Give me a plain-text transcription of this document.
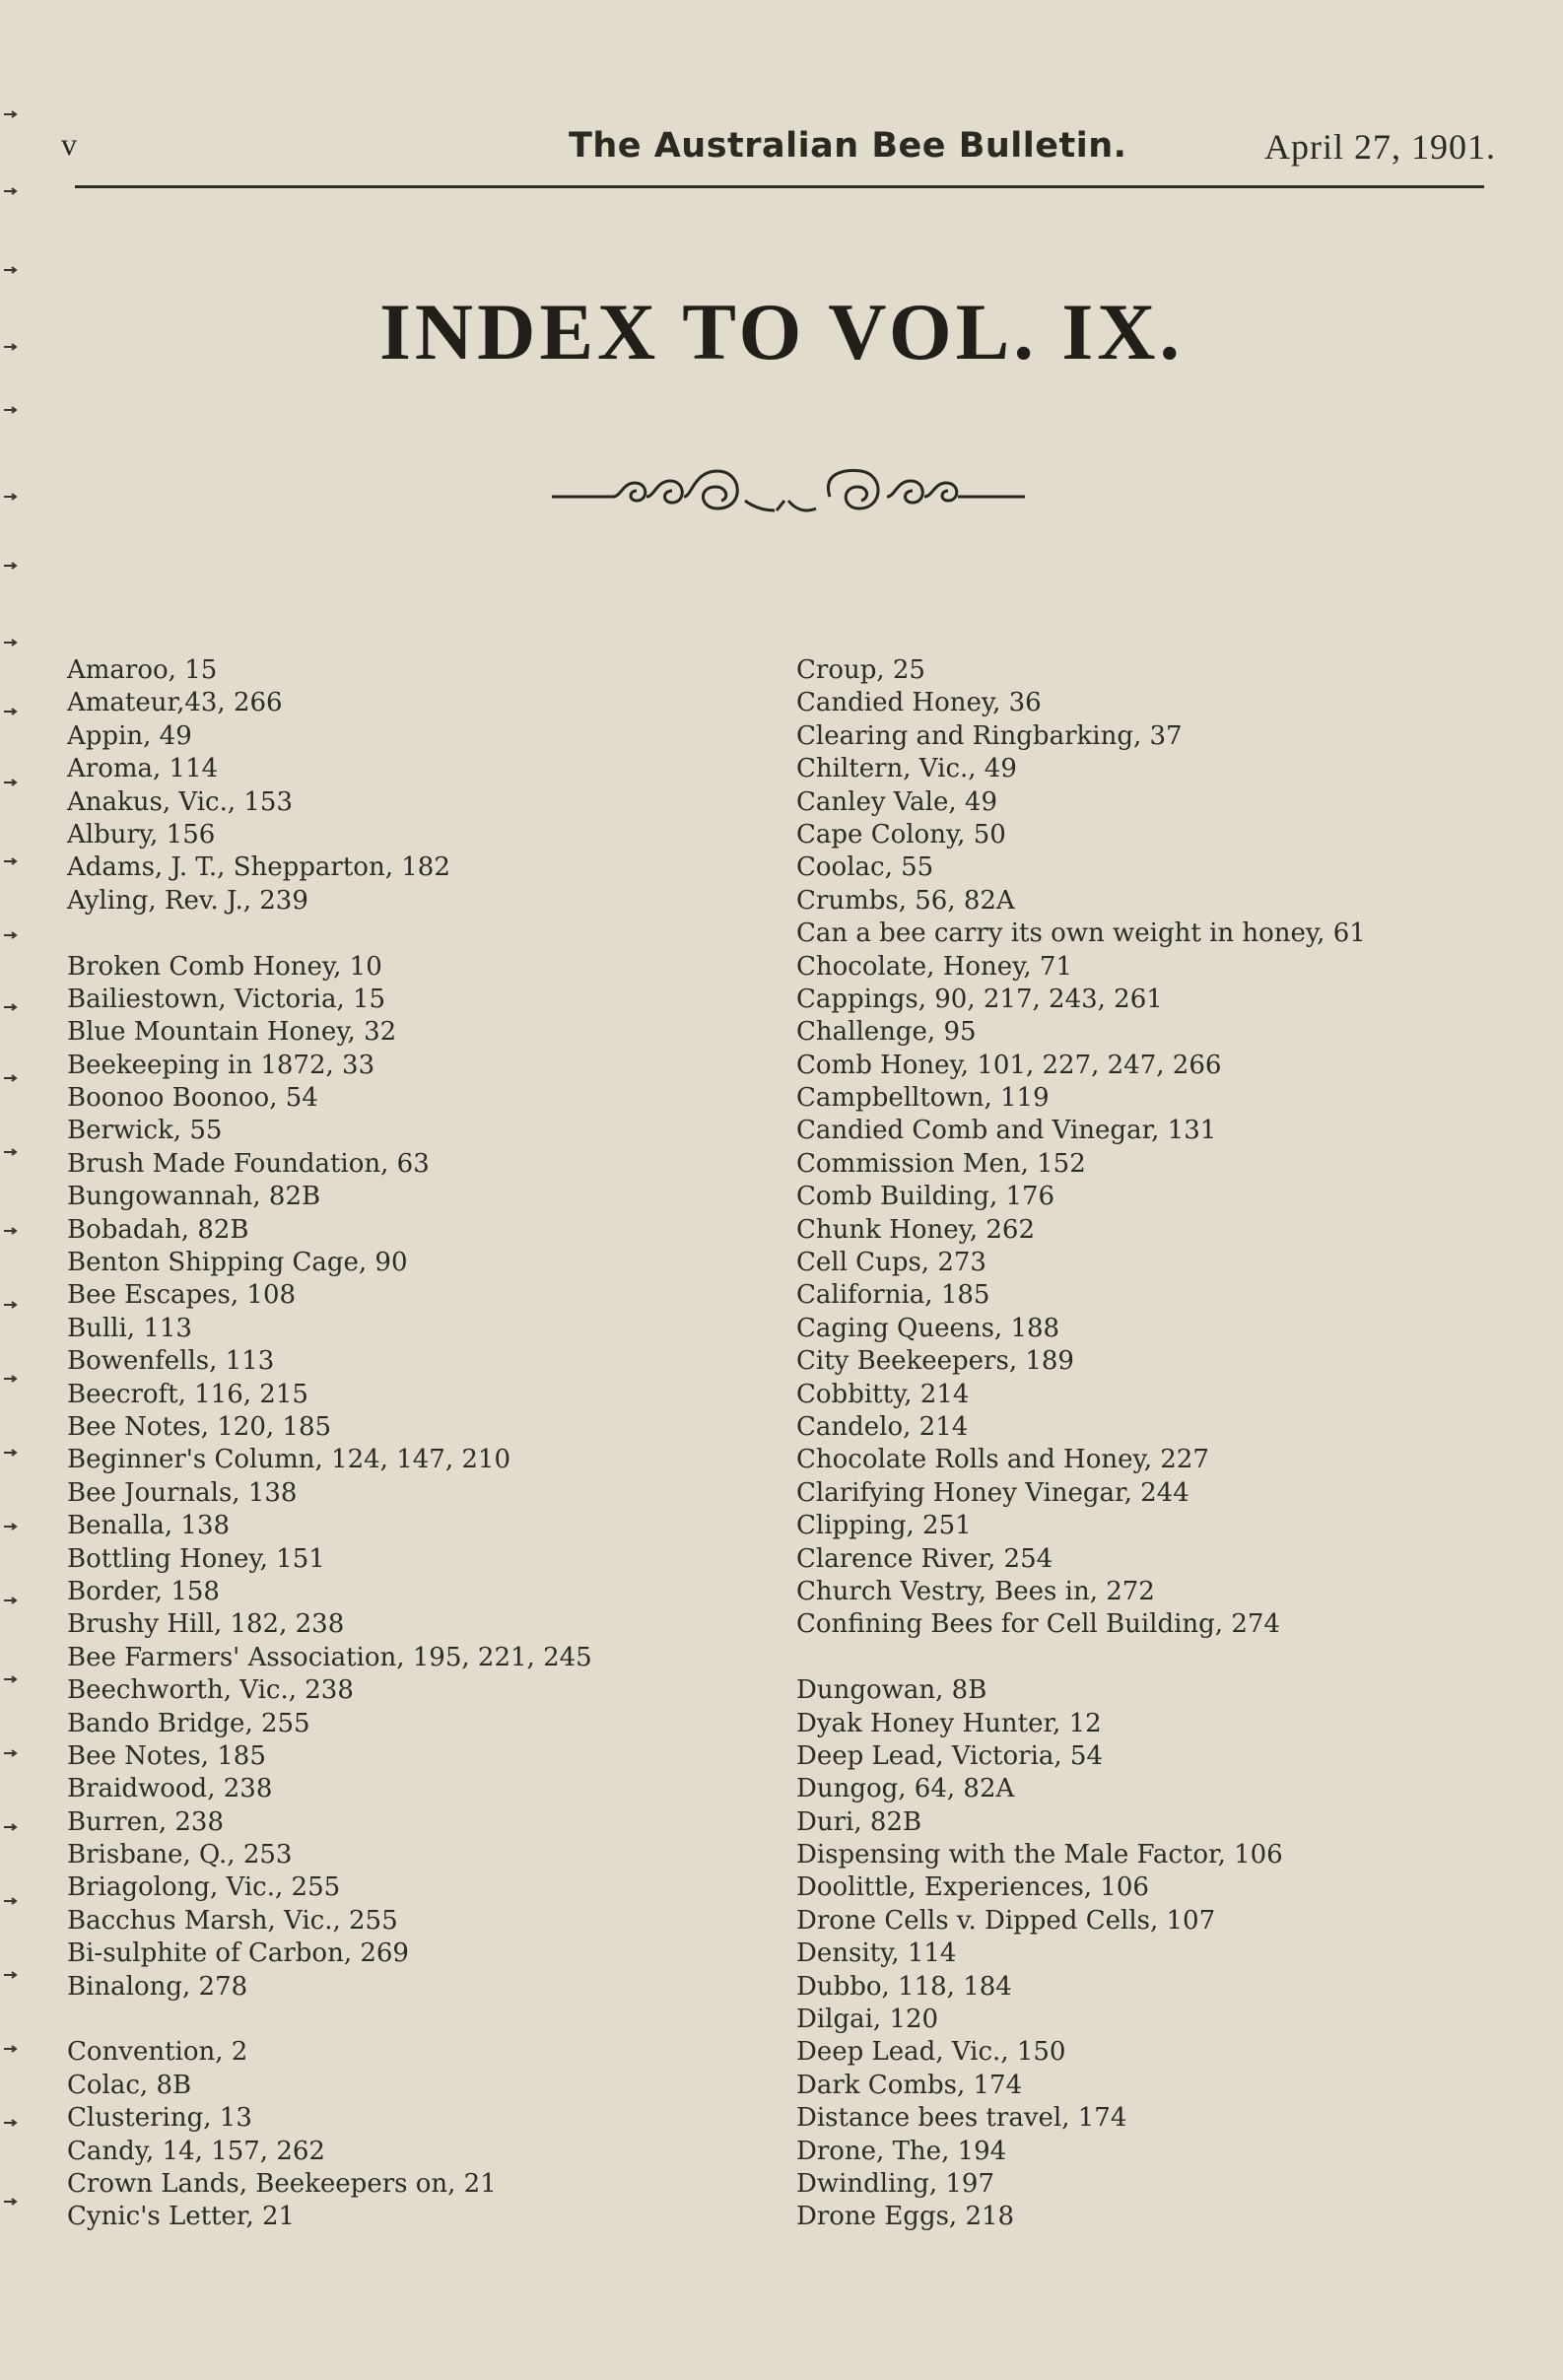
v	The Australian Bee Bulletin.	April 27, 1901.
INDEX TO VOL. IX.
Amaroo, 15
Amateur,43, 266
Appin, 49
Aroma, 114
Anakus, Vic., 153
Albury, 156
Adams, J. T., Shepparton, 182
Ayling, Rev. J., 239
Broken Comb Honey, 10
Bailiestown, Victoria, 15
Blue Mountain Honey, 32
Beekeeping in 1872, 33
Boonoo Boonoo, 54
Berwick, 55
Brush Made Foundation, 63
Bungowannah, 82B
Bobadah, 82B
Benton Shipping Cage, 90
Bee Escapes, 108
Bulli, 113
Bowenfells, 113
Beecroft, 116, 215
Bee Notes, 120, 185
Beginner's Column, 124, 147, 210
Bee Journals, 138
Benalla, 138
Bottling Honey, 151
Border, 158
Brushy Hill, 182, 238
Bee Farmers' Association, 195, 221, 245
Beechworth, Vic., 238
Bando Bridge, 255
Bee Notes, 185
Braidwood, 238
Burren, 238
Brisbane, Q., 253
Briagolong, Vic., 255
Bacchus Marsh, Vic., 255
Bi-sulphite of Carbon, 269
Binalong, 278
Convention, 2
Colac, 8B
Clustering, 13
Candy, 14, 157, 262
Crown Lands, Beekeepers on, 21
Cynic's Letter, 21
Croup, 25
Candied Honey, 36
Clearing and Ringbarking, 37
Chiltern, Vic., 49
Canley Vale, 49
Cape Colony, 50
Coolac, 55
Crumbs, 56, 82A
Can a bee carry its own weight in honey, 61
Chocolate, Honey, 71
Cappings, 90, 217, 243, 261
Challenge, 95
Comb Honey, 101, 227, 247, 266
Campbelltown, 119
Candied Comb and Vinegar, 131
Commission Men, 152
Comb Building, 176
Chunk Honey, 262
Cell Cups, 273
California, 185
Caging Queens, 188
City Beekeepers, 189
Cobbitty, 214
Candelo, 214
Chocolate Rolls and Honey, 227
Clarifying Honey Vinegar, 244
Clipping, 251
Clarence River, 254
Church Vestry, Bees in, 272
Confining Bees for Cell Building, 274
Dungowan, 8B
Dyak Honey Hunter, 12
Deep Lead, Victoria, 54
Dungog, 64, 82A
Duri, 82B
Dispensing with the Male Factor, 106
Doolittle, Experiences, 106
Drone Cells v. Dipped Cells, 107
Density, 114
Dubbo, 118, 184
Dilgai, 120
Deep Lead, Vic., 150
Dark Combs, 174
Distance bees travel, 174
Drone, The, 194
Dwindling, 197
Drone Eggs, 218
